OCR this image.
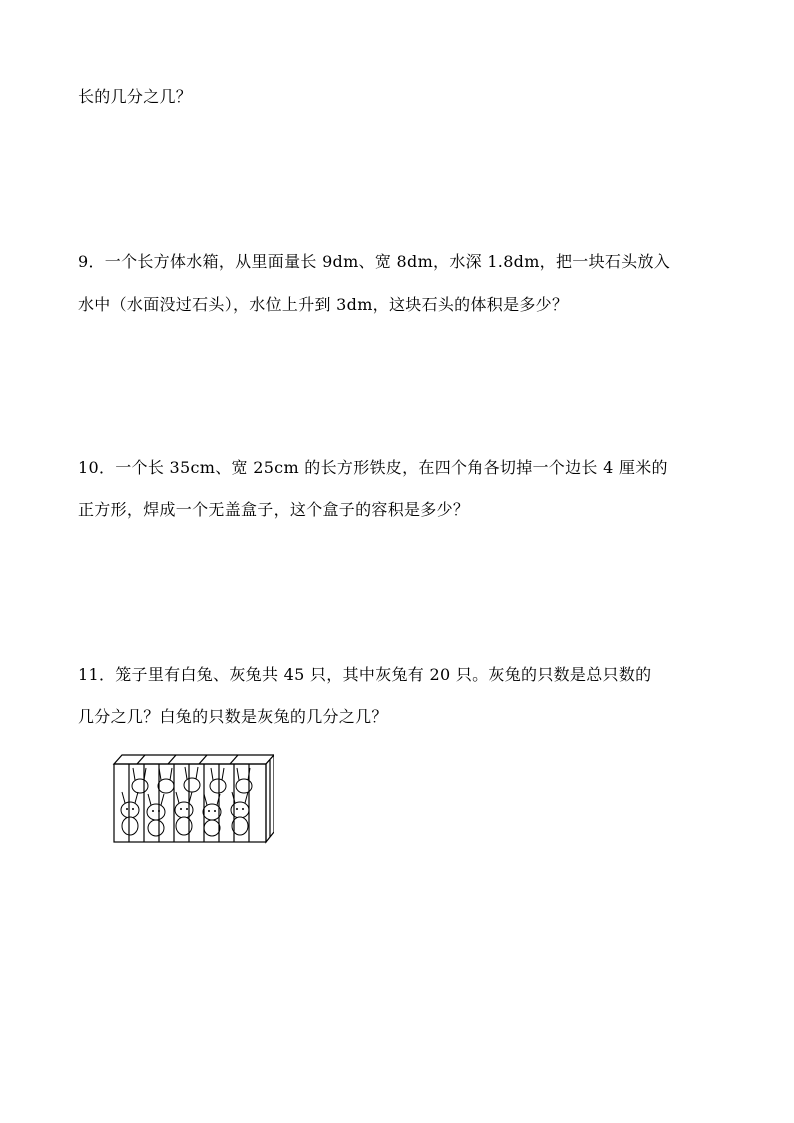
长的几分之几？
9．一个长方体水箱，从里面量长 9dm、宽 8dm，水深 1.8dm，把一块石头放入
水中（水面没过石头），水位上升到 3dm，这块石头的体积是多少？
10．一个长 35cm、宽 25cm 的长方形铁皮，在四个角各切掉一个边长 4 厘米的
正方形，焊成一个无盖盒子，这个盒子的容积是多少？
11．笼子里有白兔、灰兔共 45 只，其中灰兔有 20 只。灰兔的只数是总只数的
几分之几？白兔的只数是灰兔的几分之几？
